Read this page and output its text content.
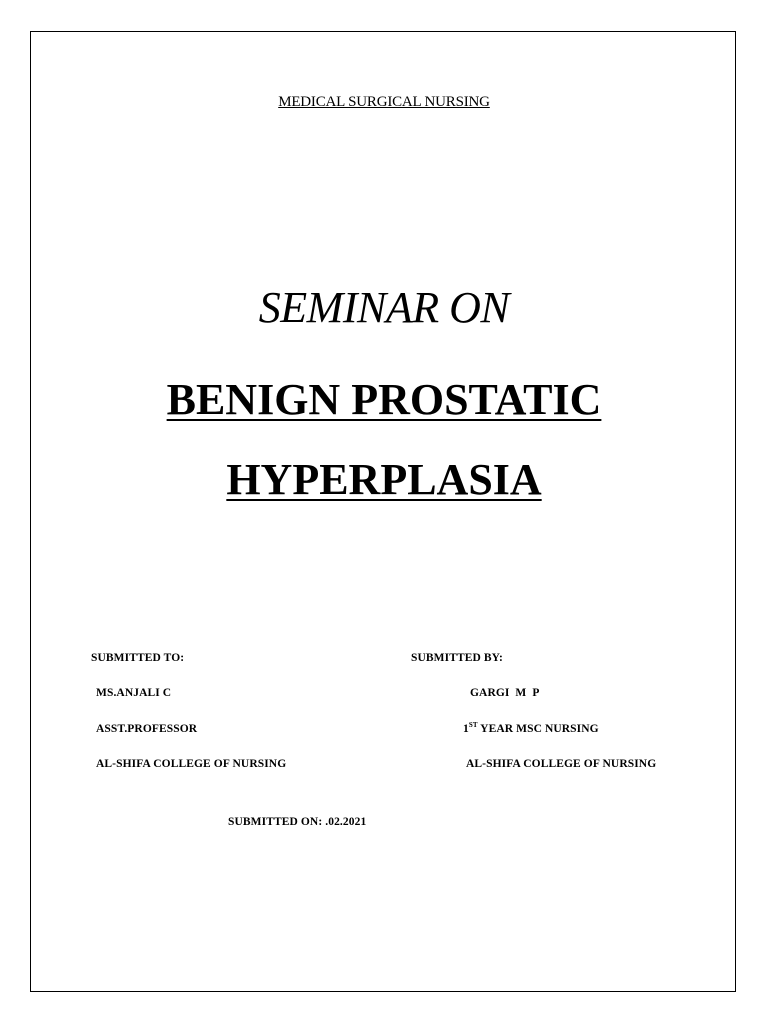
MEDICAL SURGICAL NURSING
SEMINAR ON
BENIGN PROSTATIC
HYPERPLASIA
SUBMITTED TO:
MS.ANJALI C
ASST.PROFESSOR
AL-SHIFA COLLEGE OF NURSING
SUBMITTED BY:
GARGI  M  P
1ST YEAR MSC NURSING
AL-SHIFA COLLEGE OF NURSING
SUBMITTED ON: .02.2021
